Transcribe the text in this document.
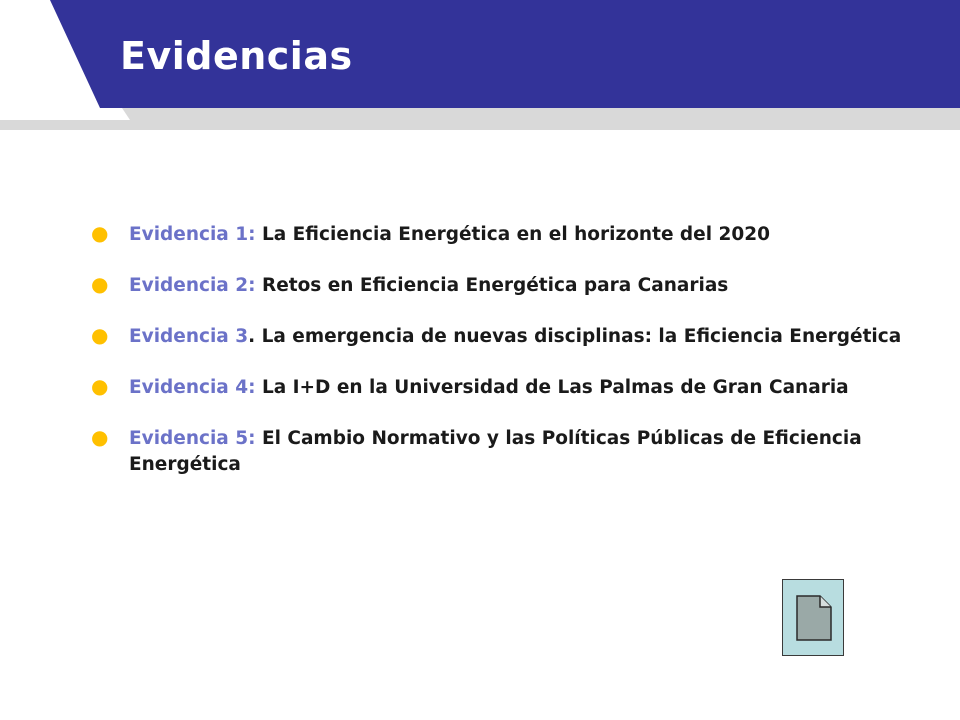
Evidencias
● Evidencia 1: La Eficiencia Energética en el horizonte del 2020
● Evidencia 2: Retos en Eficiencia Energética para Canarias
● Evidencia 3. La emergencia de nuevas disciplinas: la Eficiencia Energética
● Evidencia 4: La I+D en la Universidad de Las Palmas de Gran Canaria
● Evidencia 5: El Cambio Normativo y las Políticas Públicas de Eficiencia Energética
